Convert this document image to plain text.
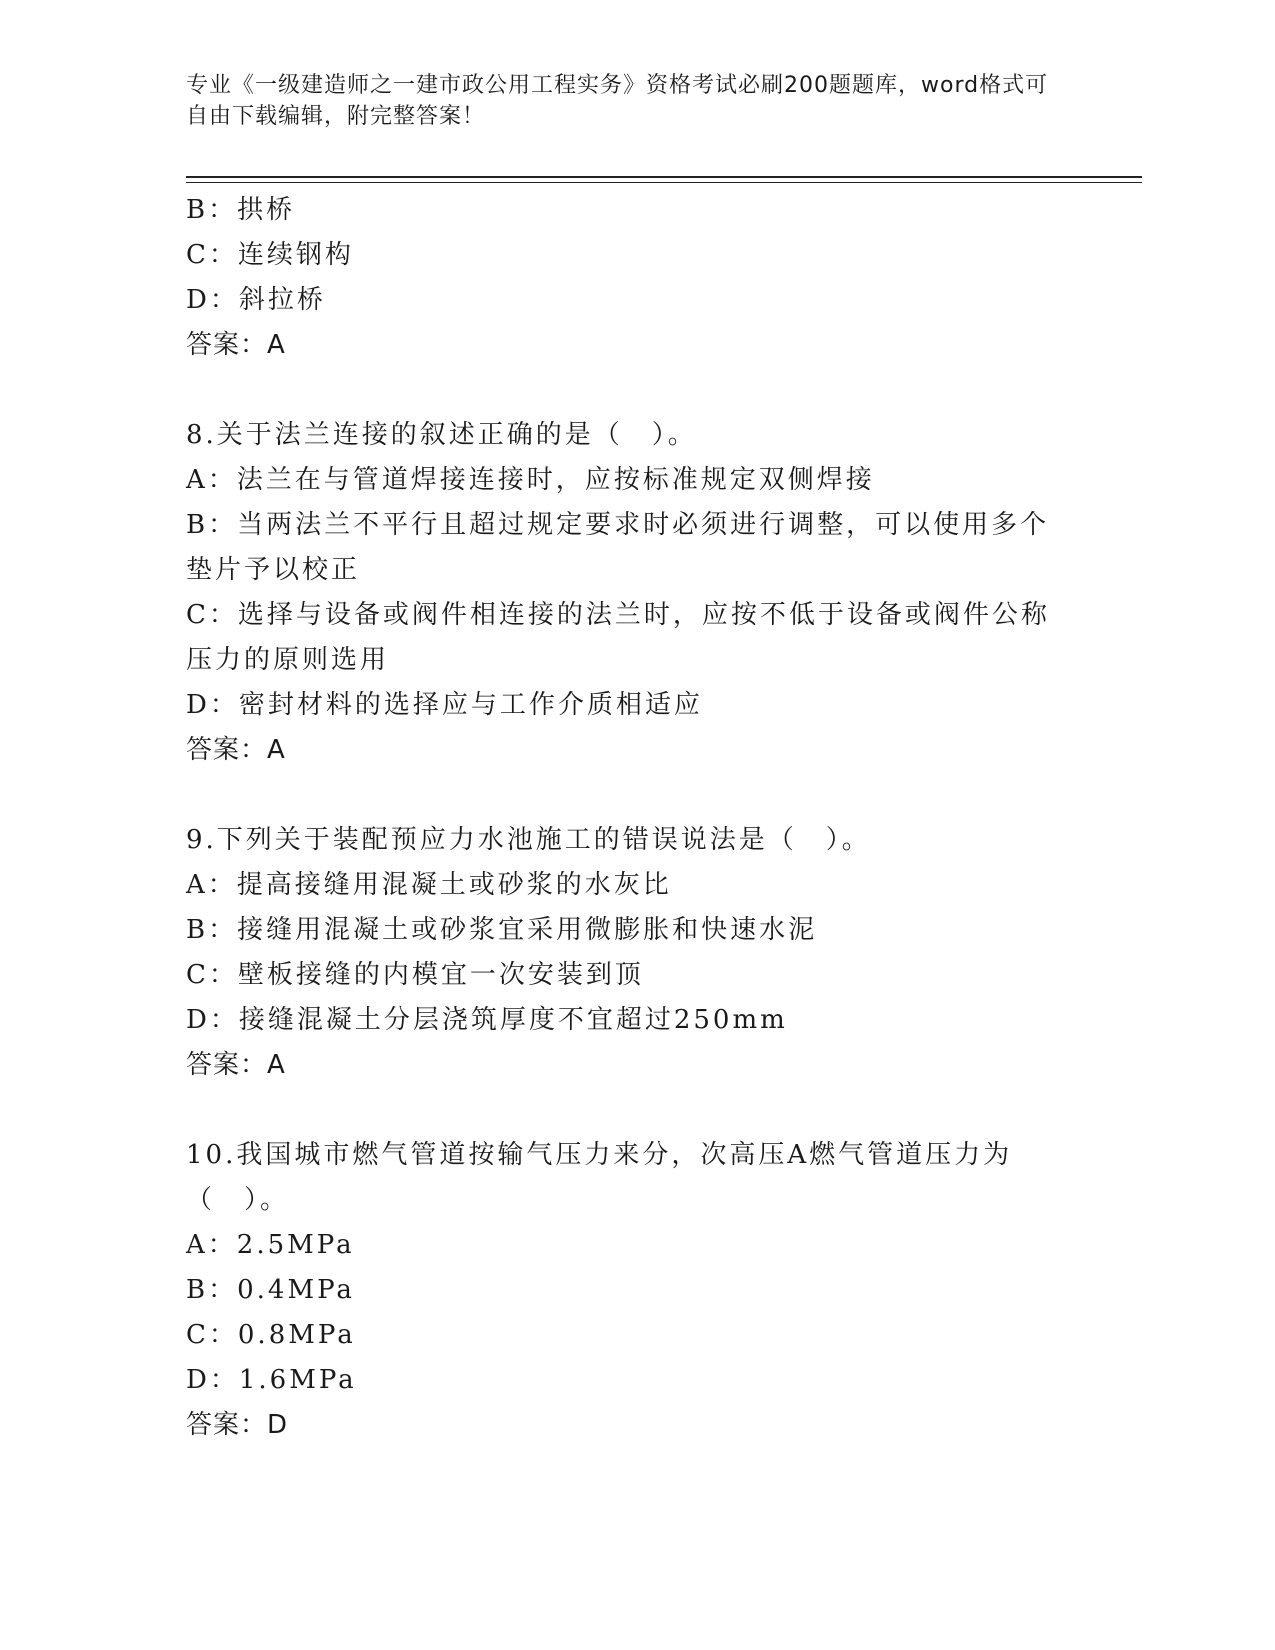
专业《一级建造师之一建市政公用工程实务》资格考试必刷200题题库，word格式可自由下载编辑，附完整答案！
B：拱桥
C：连续钢构
D：斜拉桥
答案：A
8.关于法兰连接的叙述正确的是（　）。
A：法兰在与管道焊接连接时，应按标准规定双侧焊接
B：当两法兰不平行且超过规定要求时必须进行调整，可以使用多个垫片予以校正
C：选择与设备或阀件相连接的法兰时，应按不低于设备或阀件公称压力的原则选用
D：密封材料的选择应与工作介质相适应
答案：A
9.下列关于装配预应力水池施工的错误说法是（　）。
A：提高接缝用混凝土或砂浆的水灰比
B：接缝用混凝土或砂浆宜采用微膨胀和快速水泥
C：壁板接缝的内模宜一次安装到顶
D：接缝混凝土分层浇筑厚度不宜超过250mm
答案：A
10.我国城市燃气管道按输气压力来分，次高压A燃气管道压力为（　）。
A：2.5MPa
B：0.4MPa
C：0.8MPa
D：1.6MPa
答案：D
